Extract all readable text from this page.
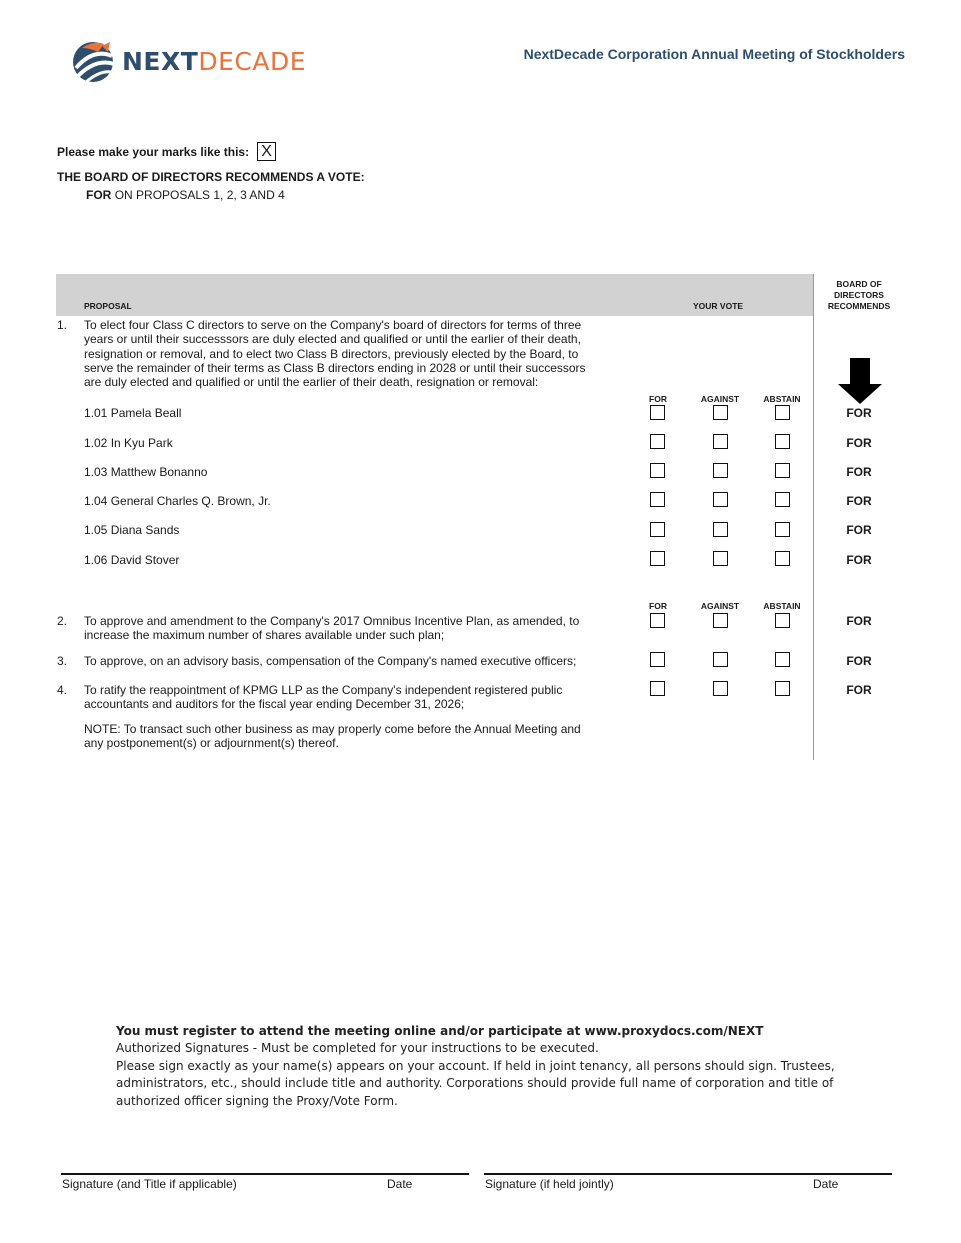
NEXTDECADE	NextDecade Corporation Annual Meeting of Stockholders
Please make your marks like this: X
THE BOARD OF DIRECTORS RECOMMENDS A VOTE:
FOR ON PROPOSALS 1, 2, 3 AND 4
PROPOSAL	YOUR VOTE
BOARD OF
DIRECTORS
RECOMMENDS
1. To elect four Class C directors to serve on the Company's board of directors for terms of three
years or until their successsors are duly elected and qualified or until the earlier of their death,
resignation or removal, and to elect two Class B directors, previously elected by the Board, to
serve the remainder of their terms as Class B directors ending in 2028 or until their successors
are duly elected and qualified or until the earlier of their death, resignation or removal:
FOR	AGAINST	ABSTAIN
1.01 Pamela Beall	FOR
1.02 In Kyu Park	FOR
1.03 Matthew Bonanno	FOR
1.04 General Charles Q. Brown, Jr.	FOR
1.05 Diana Sands	FOR
1.06 David Stover	FOR
FOR	AGAINST	ABSTAIN
2. To approve and amendment to the Company's 2017 Omnibus Incentive Plan, as amended, to
increase the maximum number of shares available under such plan;
FOR
3. To approve, on an advisory basis, compensation of the Company's named executive officers;	FOR
4. To ratify the reappointment of KPMG LLP as the Company's independent registered public
accountants and auditors for the fiscal year ending December 31, 2026;
FOR
NOTE: To transact such other business as may properly come before the Annual Meeting and
any postponement(s) or adjournment(s) thereof.
You must register to attend the meeting online and/or participate at www.proxydocs.com/NEXT
Authorized Signatures - Must be completed for your instructions to be executed.
Please sign exactly as your name(s) appears on your account. If held in joint tenancy, all persons should sign. Trustees, administrators, etc., should include title and authority. Corporations should provide full name of corporation and title of authorized officer signing the Proxy/Vote Form.
Signature (and Title if applicable)	Date	Signature (if held jointly)	Date
